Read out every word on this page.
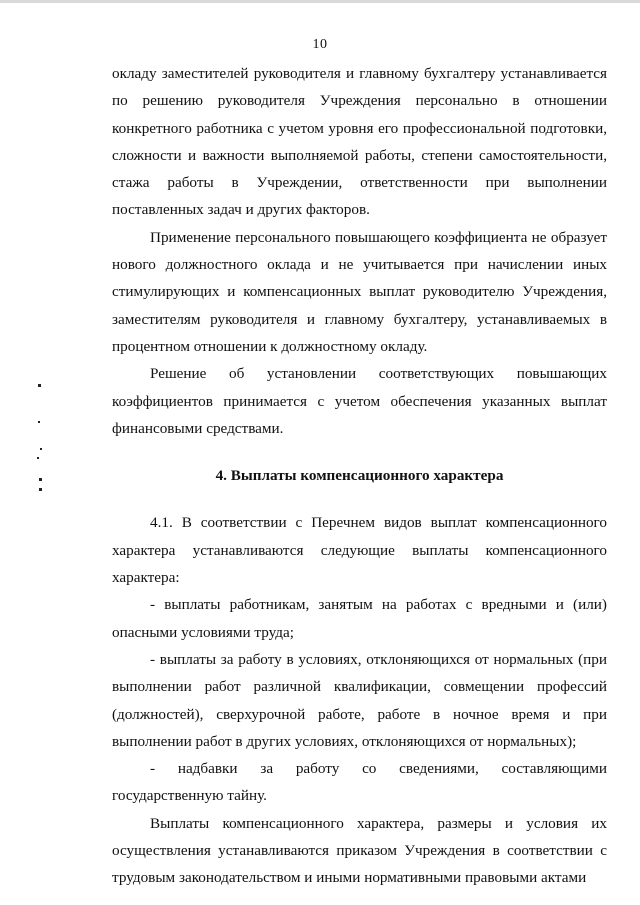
10

окладу заместителей руководителя и главному бухгалтеру устанавливается по решению руководителя Учреждения персонально в отношении конкретного работника с учетом уровня его профессиональной подготовки, сложности и важности выполняемой работы, степени самостоятельности, стажа работы в Учреждении, ответственности при выполнении поставленных задач и других факторов.

Применение персонального повышающего коэффициента не образует нового должностного оклада и не учитывается при начислении иных стимулирующих и компенсационных выплат руководителю Учреждения, заместителям руководителя и главному бухгалтеру, устанавливаемых в процентном отношении к должностному окладу.

Решение об установлении соответствующих повышающих коэффициентов принимается с учетом обеспечения указанных выплат финансовыми средствами.

4. Выплаты компенсационного характера

4.1. В соответствии с Перечнем видов выплат компенсационного характера устанавливаются следующие выплаты компенсационного характера:

- выплаты работникам, занятым на работах с вредными и (или) опасными условиями труда;

- выплаты за работу в условиях, отклоняющихся от нормальных (при выполнении работ различной квалификации, совмещении профессий (должностей), сверхурочной работе, работе в ночное время и при выполнении работ в других условиях, отклоняющихся от нормальных);

- надбавки за работу со сведениями, составляющими государственную тайну.

Выплаты компенсационного характера, размеры и условия их осуществления устанавливаются приказом Учреждения в соответствии с трудовым законодательством и иными нормативными правовыми актами
